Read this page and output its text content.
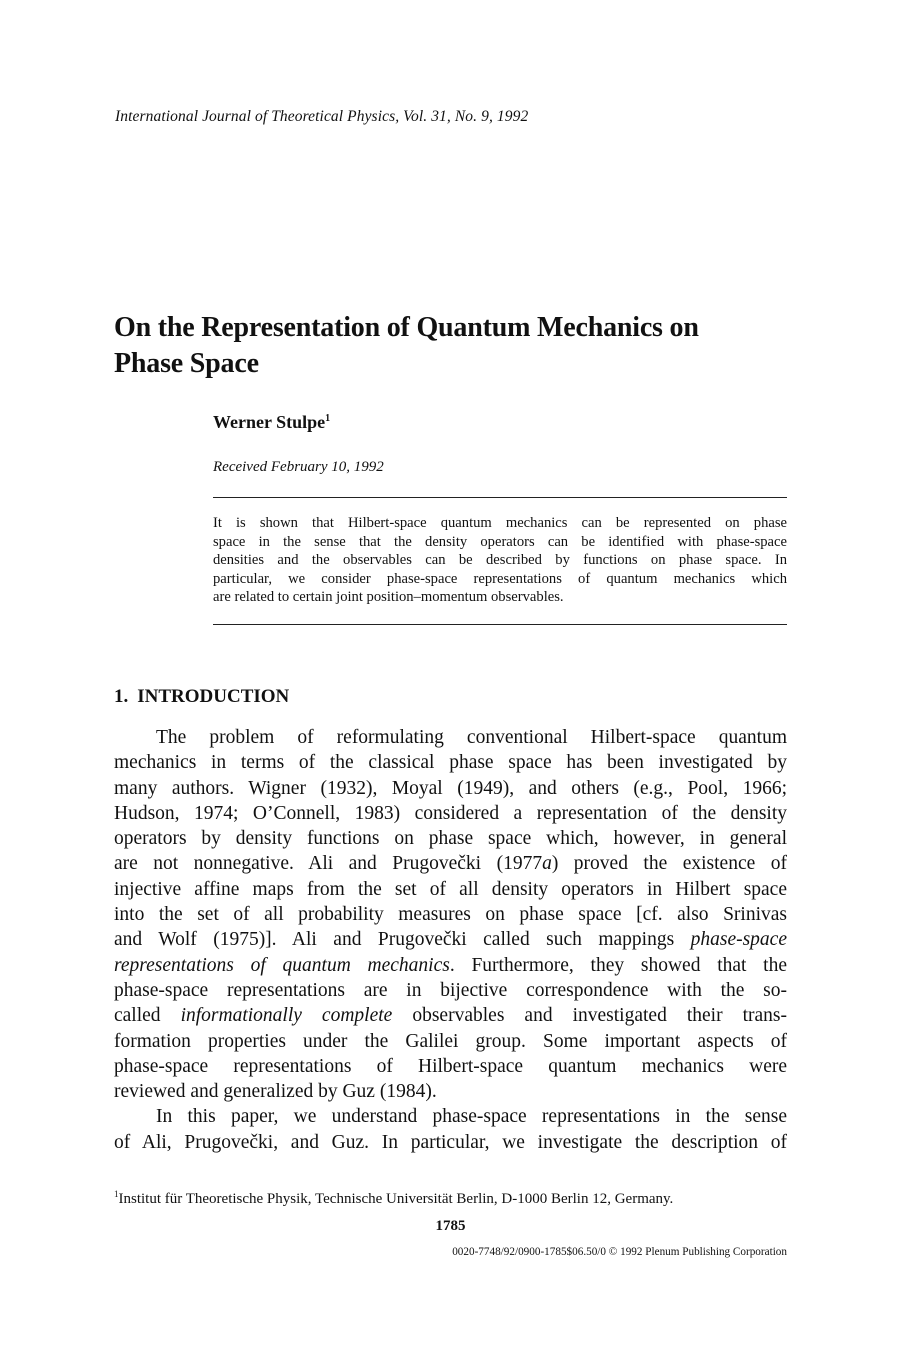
International Journal of Theoretical Physics, Vol. 31, No. 9, 1992
On the Representation of Quantum Mechanics on
Phase Space
Werner Stulpe$^1$
Received February 10, 1992
It is shown that Hilbert-space quantum mechanics can be represented on phase
space in the sense that the density operators can be identified with phase-space
densities and the observables can be described by functions on phase space. In
particular, we consider phase-space representations of quantum mechanics which
are related to certain joint position–momentum observables.
1. INTRODUCTION
The problem of reformulating conventional Hilbert-space quantum
mechanics in terms of the classical phase space has been investigated by
many authors. Wigner (1932), Moyal (1949), and others (e.g., Pool, 1966;
Hudson, 1974; O’Connell, 1983) considered a representation of the density
operators by density functions on phase space which, however, in general
are not nonnegative. Ali and Prugovečki (1977a) proved the existence of
injective affine maps from the set of all density operators in Hilbert space
into the set of all probability measures on phase space [cf. also Srinivas
and Wolf (1975)]. Ali and Prugovečki called such mappings phase-space
representations of quantum mechanics. Furthermore, they showed that the
phase-space representations are in bijective correspondence with the so-
called informationally complete observables and investigated their trans-
formation properties under the Galilei group. Some important aspects of
phase-space representations of Hilbert-space quantum mechanics were
reviewed and generalized by Guz (1984).
In this paper, we understand phase-space representations in the sense
of Ali, Prugovečki, and Guz. In particular, we investigate the description of
$^1$Institut für Theoretische Physik, Technische Universität Berlin, D-1000 Berlin 12, Germany.
1785
0020-7748/92/0900-1785$06.50/0 © 1992 Plenum Publishing Corporation
